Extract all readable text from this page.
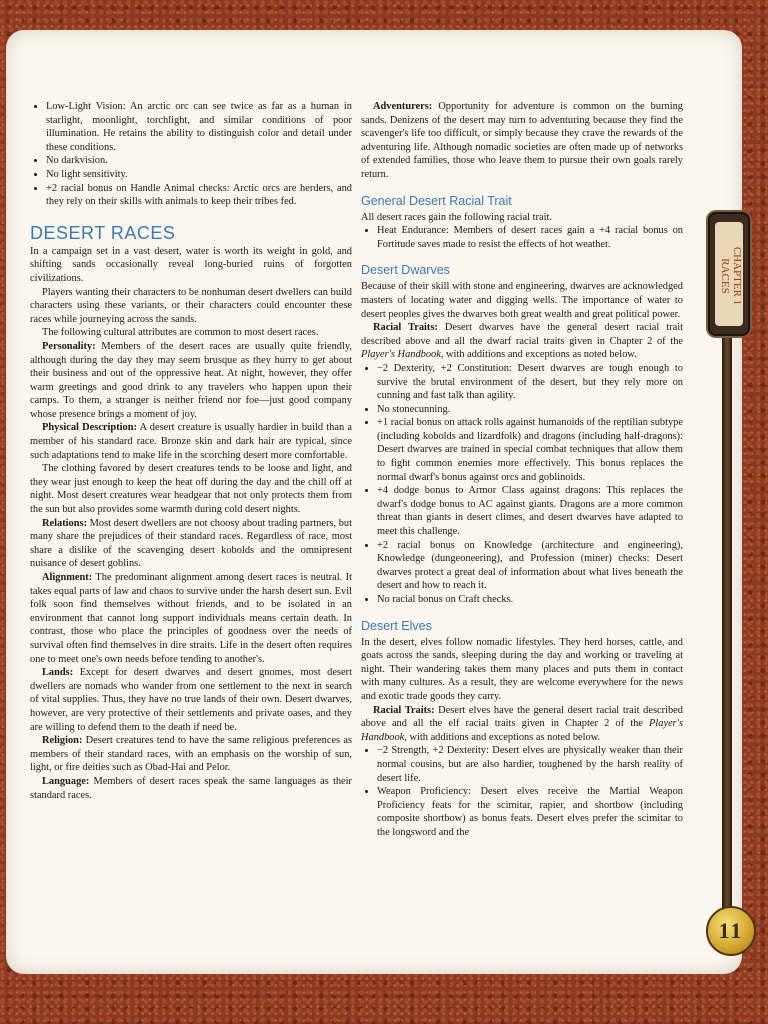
• Low-Light Vision: An arctic orc can see twice as far as a human in starlight, moonlight, torchlight, and similar conditions of poor illumination. He retains the ability to distinguish color and detail under these conditions.
• No darkvision.
• No light sensitivity.
• +2 racial bonus on Handle Animal checks: Arctic orcs are herders, and they rely on their skills with animals to keep their tribes fed.
DESERT RACES

In a campaign set in a vast desert, water is worth its weight in gold, and shifting sands occasionally reveal long-buried ruins of forgotten civilizations.

Players wanting their characters to be nonhuman desert dwellers can build characters using these variants, or their characters could encounter these races while journeying across the sands.

The following cultural attributes are common to most desert races.

Personality: Members of the desert races are usually quite friendly, although during the day they may seem brusque as they hurry to get about their business and out of the oppressive heat. At night, however, they offer warm greetings and good drink to any travelers who happen upon their camps. To them, a stranger is neither friend nor foe—just good company whose presence brings a moment of joy.

Physical Description: A desert creature is usually hardier in build than a member of his standard race. Bronze skin and dark hair are typical, since such adaptations tend to make life in the scorching desert more comfortable.

The clothing favored by desert creatures tends to be loose and light, and they wear just enough to keep the heat off during the day and the chill off at night. Most desert creatures wear headgear that not only protects them from the sun but also provides some warmth during cold desert nights.

Relations: Most desert dwellers are not choosy about trading partners, but many share the prejudices of their standard races. Regardless of race, most share a dislike of the scavenging desert kobolds and the omnipresent nuisance of desert goblins.

Alignment: The predominant alignment among desert races is neutral. It takes equal parts of law and chaos to survive under the harsh desert sun. Evil folk soon find themselves without friends, and to be isolated in an environment that cannot long support individuals means certain death. In contrast, those who place the principles of goodness over the needs of survival often find themselves in dire straits. Life in the desert often requires one to meet one's own needs before tending to another's.

Lands: Except for desert dwarves and desert gnomes, most desert dwellers are nomads who wander from one settlement to the next in search of vital supplies. Thus, they have no true lands of their own. Desert dwarves, however, are very protective of their settlements and private oases, and they are willing to defend them to the death if need be.

Religion: Desert creatures tend to have the same religious preferences as members of their standard races, with an emphasis on the worship of sun, light, or fire deities such as Obad-Hai and Pelor.

Language: Members of desert races speak the same languages as their standard races.

Adventurers: Opportunity for adventure is common on the burning sands. Denizens of the desert may turn to adventuring because they find the scavenger's life too difficult, or simply because they crave the rewards of the adventuring life. Although nomadic societies are often made up of networks of extended families, those who leave them to pursue their own goals rarely return.

General Desert Racial Trait

All desert races gain the following racial trait.

• Heat Endurance: Members of desert races gain a +4 racial bonus on Fortitude saves made to resist the effects of hot weather.
Desert Dwarves

Because of their skill with stone and engineering, dwarves are acknowledged masters of locating water and digging wells. The importance of water to desert peoples gives the dwarves both great wealth and great political power.

Racial Traits: Desert dwarves have the general desert racial trait described above and all the dwarf racial traits given in Chapter 2 of the Player's Handbook, with additions and exceptions as noted below.

• −2 Dexterity, +2 Constitution: Desert dwarves are tough enough to survive the brutal environment of the desert, but they rely more on cunning and fast talk than agility.
• No stonecunning.
• +1 racial bonus on attack rolls against humanoids of the reptilian subtype (including kobolds and lizardfolk) and dragons (including half-dragons): Desert dwarves are trained in special combat techniques that allow them to fight common enemies more effectively. This bonus replaces the normal dwarf's bonus against orcs and goblinoids.
• +4 dodge bonus to Armor Class against dragons: This replaces the dwarf's dodge bonus to AC against giants. Dragons are a more common threat than giants in desert climes, and desert dwarves have adapted to meet this challenge.
• +2 racial bonus on Knowledge (architecture and engineering), Knowledge (dungeoneering), and Profession (miner) checks: Desert dwarves protect a great deal of information about what lives beneath the desert and how to reach it.
• No racial bonus on Craft checks.
Desert Elves

In the desert, elves follow nomadic lifestyles. They herd horses, cattle, and goats across the sands, sleeping during the day and working or traveling at night. Their wandering takes them many places and puts them in contact with many cultures. As a result, they are welcome everywhere for the news and exotic trade goods they carry.

Racial Traits: Desert elves have the general desert racial trait described above and all the elf racial traits given in Chapter 2 of the Player's Handbook, with additions and exceptions as noted below.

• −2 Strength, +2 Dexterity: Desert elves are physically weaker than their normal cousins, but are also hardier, toughened by the harsh reality of desert life.
• Weapon Proficiency: Desert elves receive the Martial Weapon Proficiency feats for the scimitar, rapier, and shortbow (including composite shortbow) as bonus feats. Desert elves prefer the scimitar to the longsword and the
CHAPTER 1
RACES
11
